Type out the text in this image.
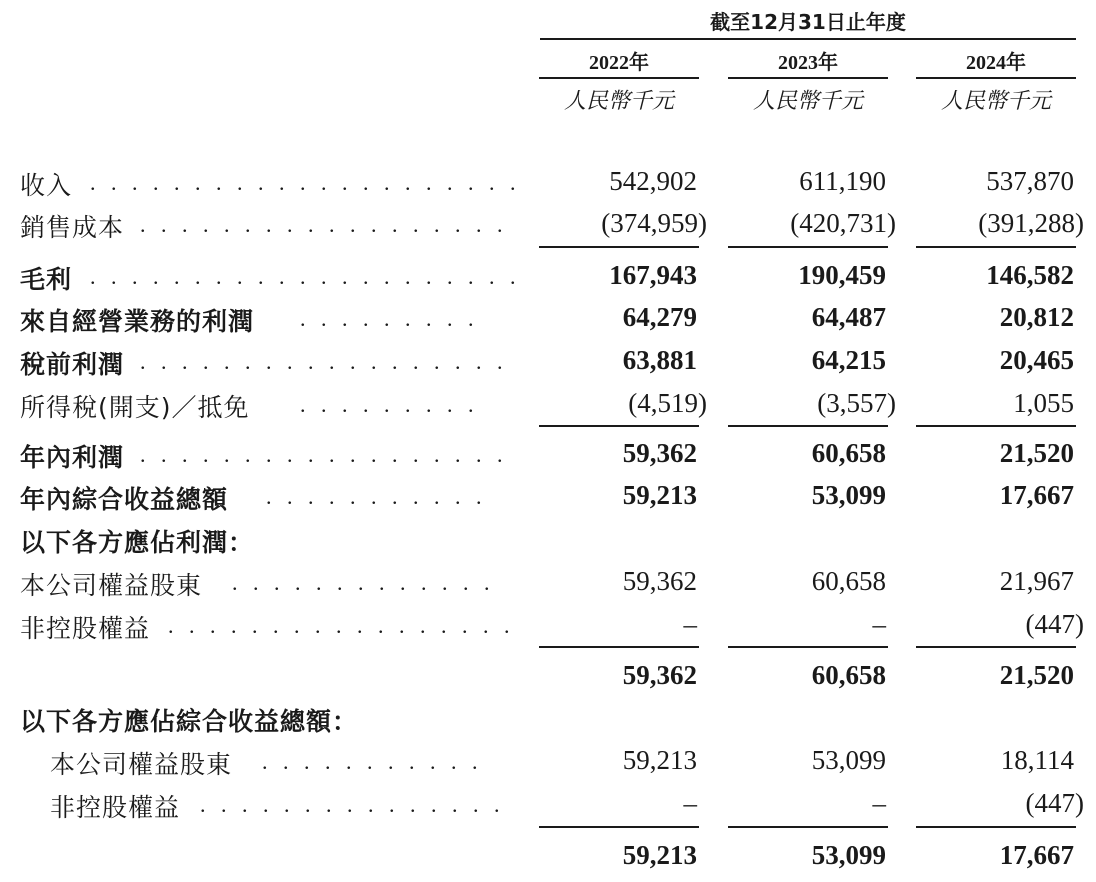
截至12月31日止年度
2022年	2023年	2024年
人民幣千元	人民幣千元	人民幣千元
收入 . . . . . . . . . . . . . . . . . . . . .	542,902	611,190	537,870
銷售成本 . . . . . . . . . . . . . . . . . .	(374,959)	(420,731)	(391,288)
毛利 . . . . . . . . . . . . . . . . . . . . .	167,943	190,459	146,582
來自經營業務的利潤 . . . . . . . . .	64,279	64,487	20,812
稅前利潤 . . . . . . . . . . . . . . . . . .	63,881	64,215	20,465
所得稅(開支)／抵免 . . . . . . . . .	(4,519)	(3,557)	1,055
年內利潤 . . . . . . . . . . . . . . . . . .	59,362	60,658	21,520
年內綜合收益總額 . . . . . . . . . . .	59,213	53,099	17,667
以下各方應佔利潤：
本公司權益股東 . . . . . . . . . . . . .	59,362	60,658	21,967
非控股權益 . . . . . . . . . . . . . . . . .	–	–	(447)
59,362	60,658	21,520
以下各方應佔綜合收益總額：
本公司權益股東 . . . . . . . . . . .	59,213	53,099	18,114
非控股權益 . . . . . . . . . . . . . . .	–	–	(447)
59,213	53,099	17,667
